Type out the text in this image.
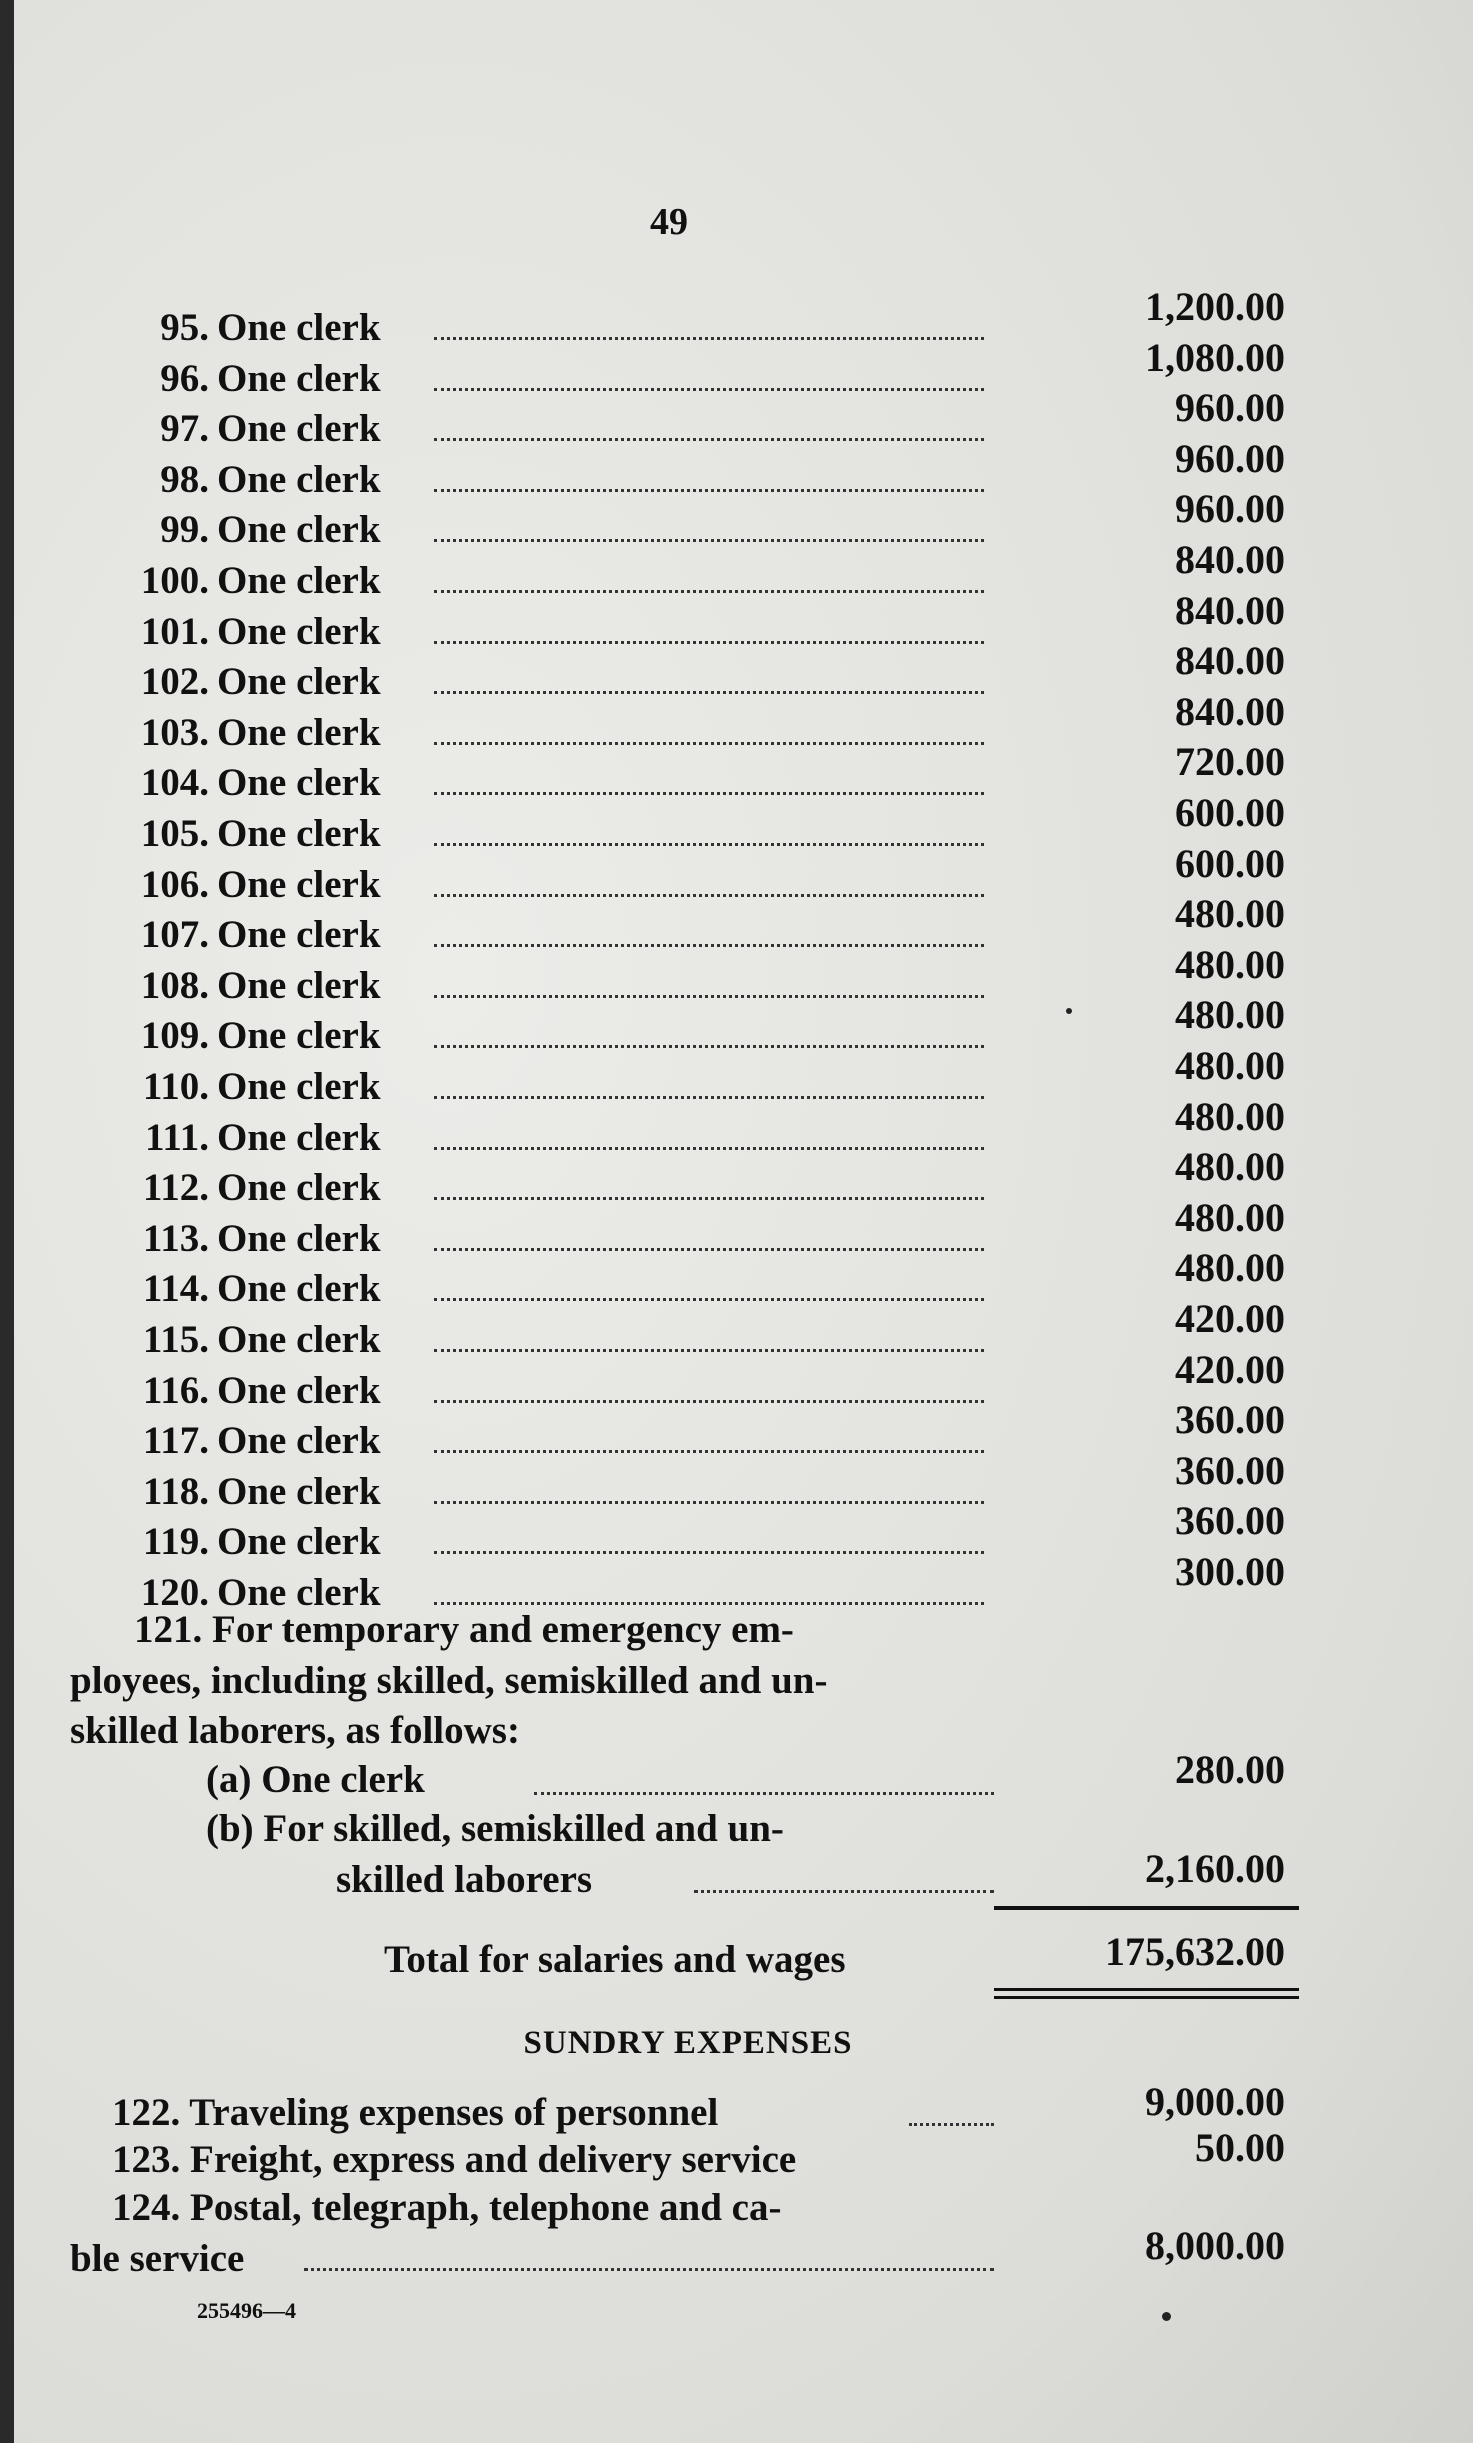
49
95. One clerk	1,200.00
96. One clerk	1,080.00
97. One clerk	960.00
98. One clerk	960.00
99. One clerk	960.00
100. One clerk	840.00
101. One clerk	840.00
102. One clerk	840.00
103. One clerk	840.00
104. One clerk	720.00
105. One clerk	600.00
106. One clerk	600.00
107. One clerk	480.00
108. One clerk	480.00
109. One clerk	480.00
110. One clerk	480.00
111. One clerk	480.00
112. One clerk	480.00
113. One clerk	480.00
114. One clerk	480.00
115. One clerk	420.00
116. One clerk	420.00
117. One clerk	360.00
118. One clerk	360.00
119. One clerk	360.00
120. One clerk	300.00
121. For temporary and emergency em-
ployees, including skilled, semiskilled and un-
skilled laborers, as follows:
(a) One clerk	280.00
(b) For skilled, semiskilled and un-
skilled laborers	2,160.00
Total for salaries and wages	175,632.00
SUNDRY EXPENSES
122. Traveling expenses of personnel	9,000.00
123. Freight, express and delivery service	50.00
124. Postal, telegraph, telephone and ca-
ble service	8,000.00
255496—4
